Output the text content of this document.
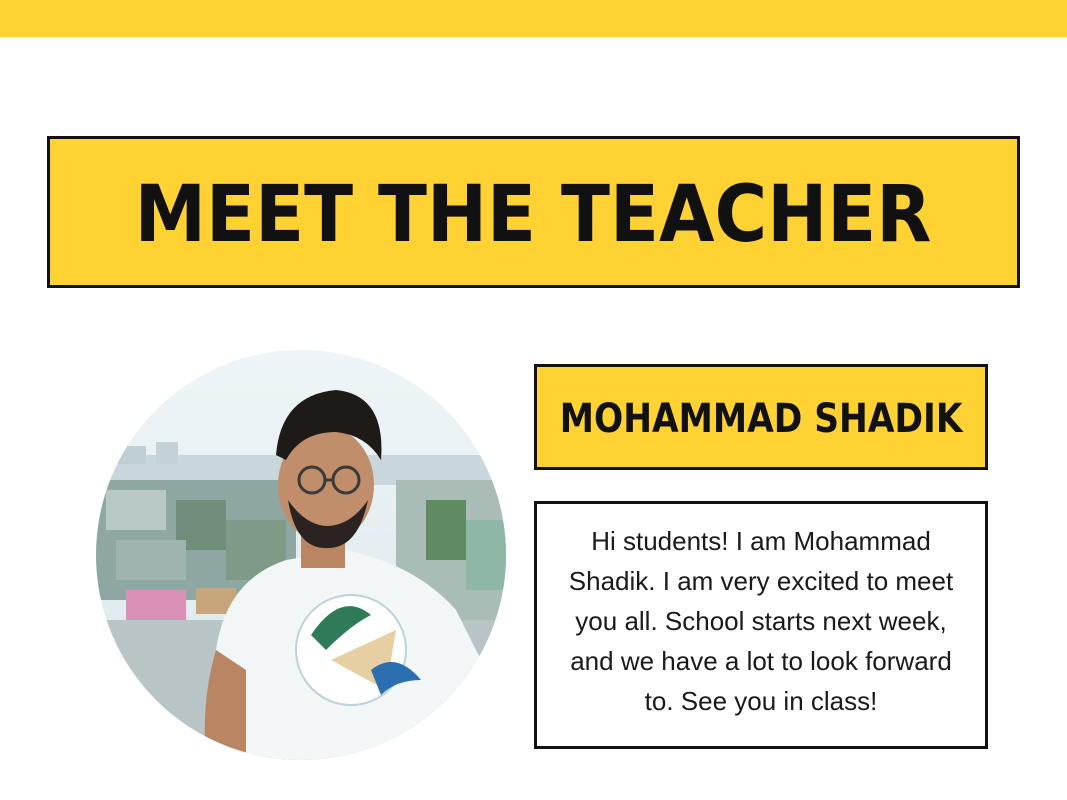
MEET THE TEACHER
MOHAMMAD SHADIK

Hi students! I am Mohammad Shadik. I am very excited to meet you all. School starts next week, and we have a lot to look forward to. See you in class!
